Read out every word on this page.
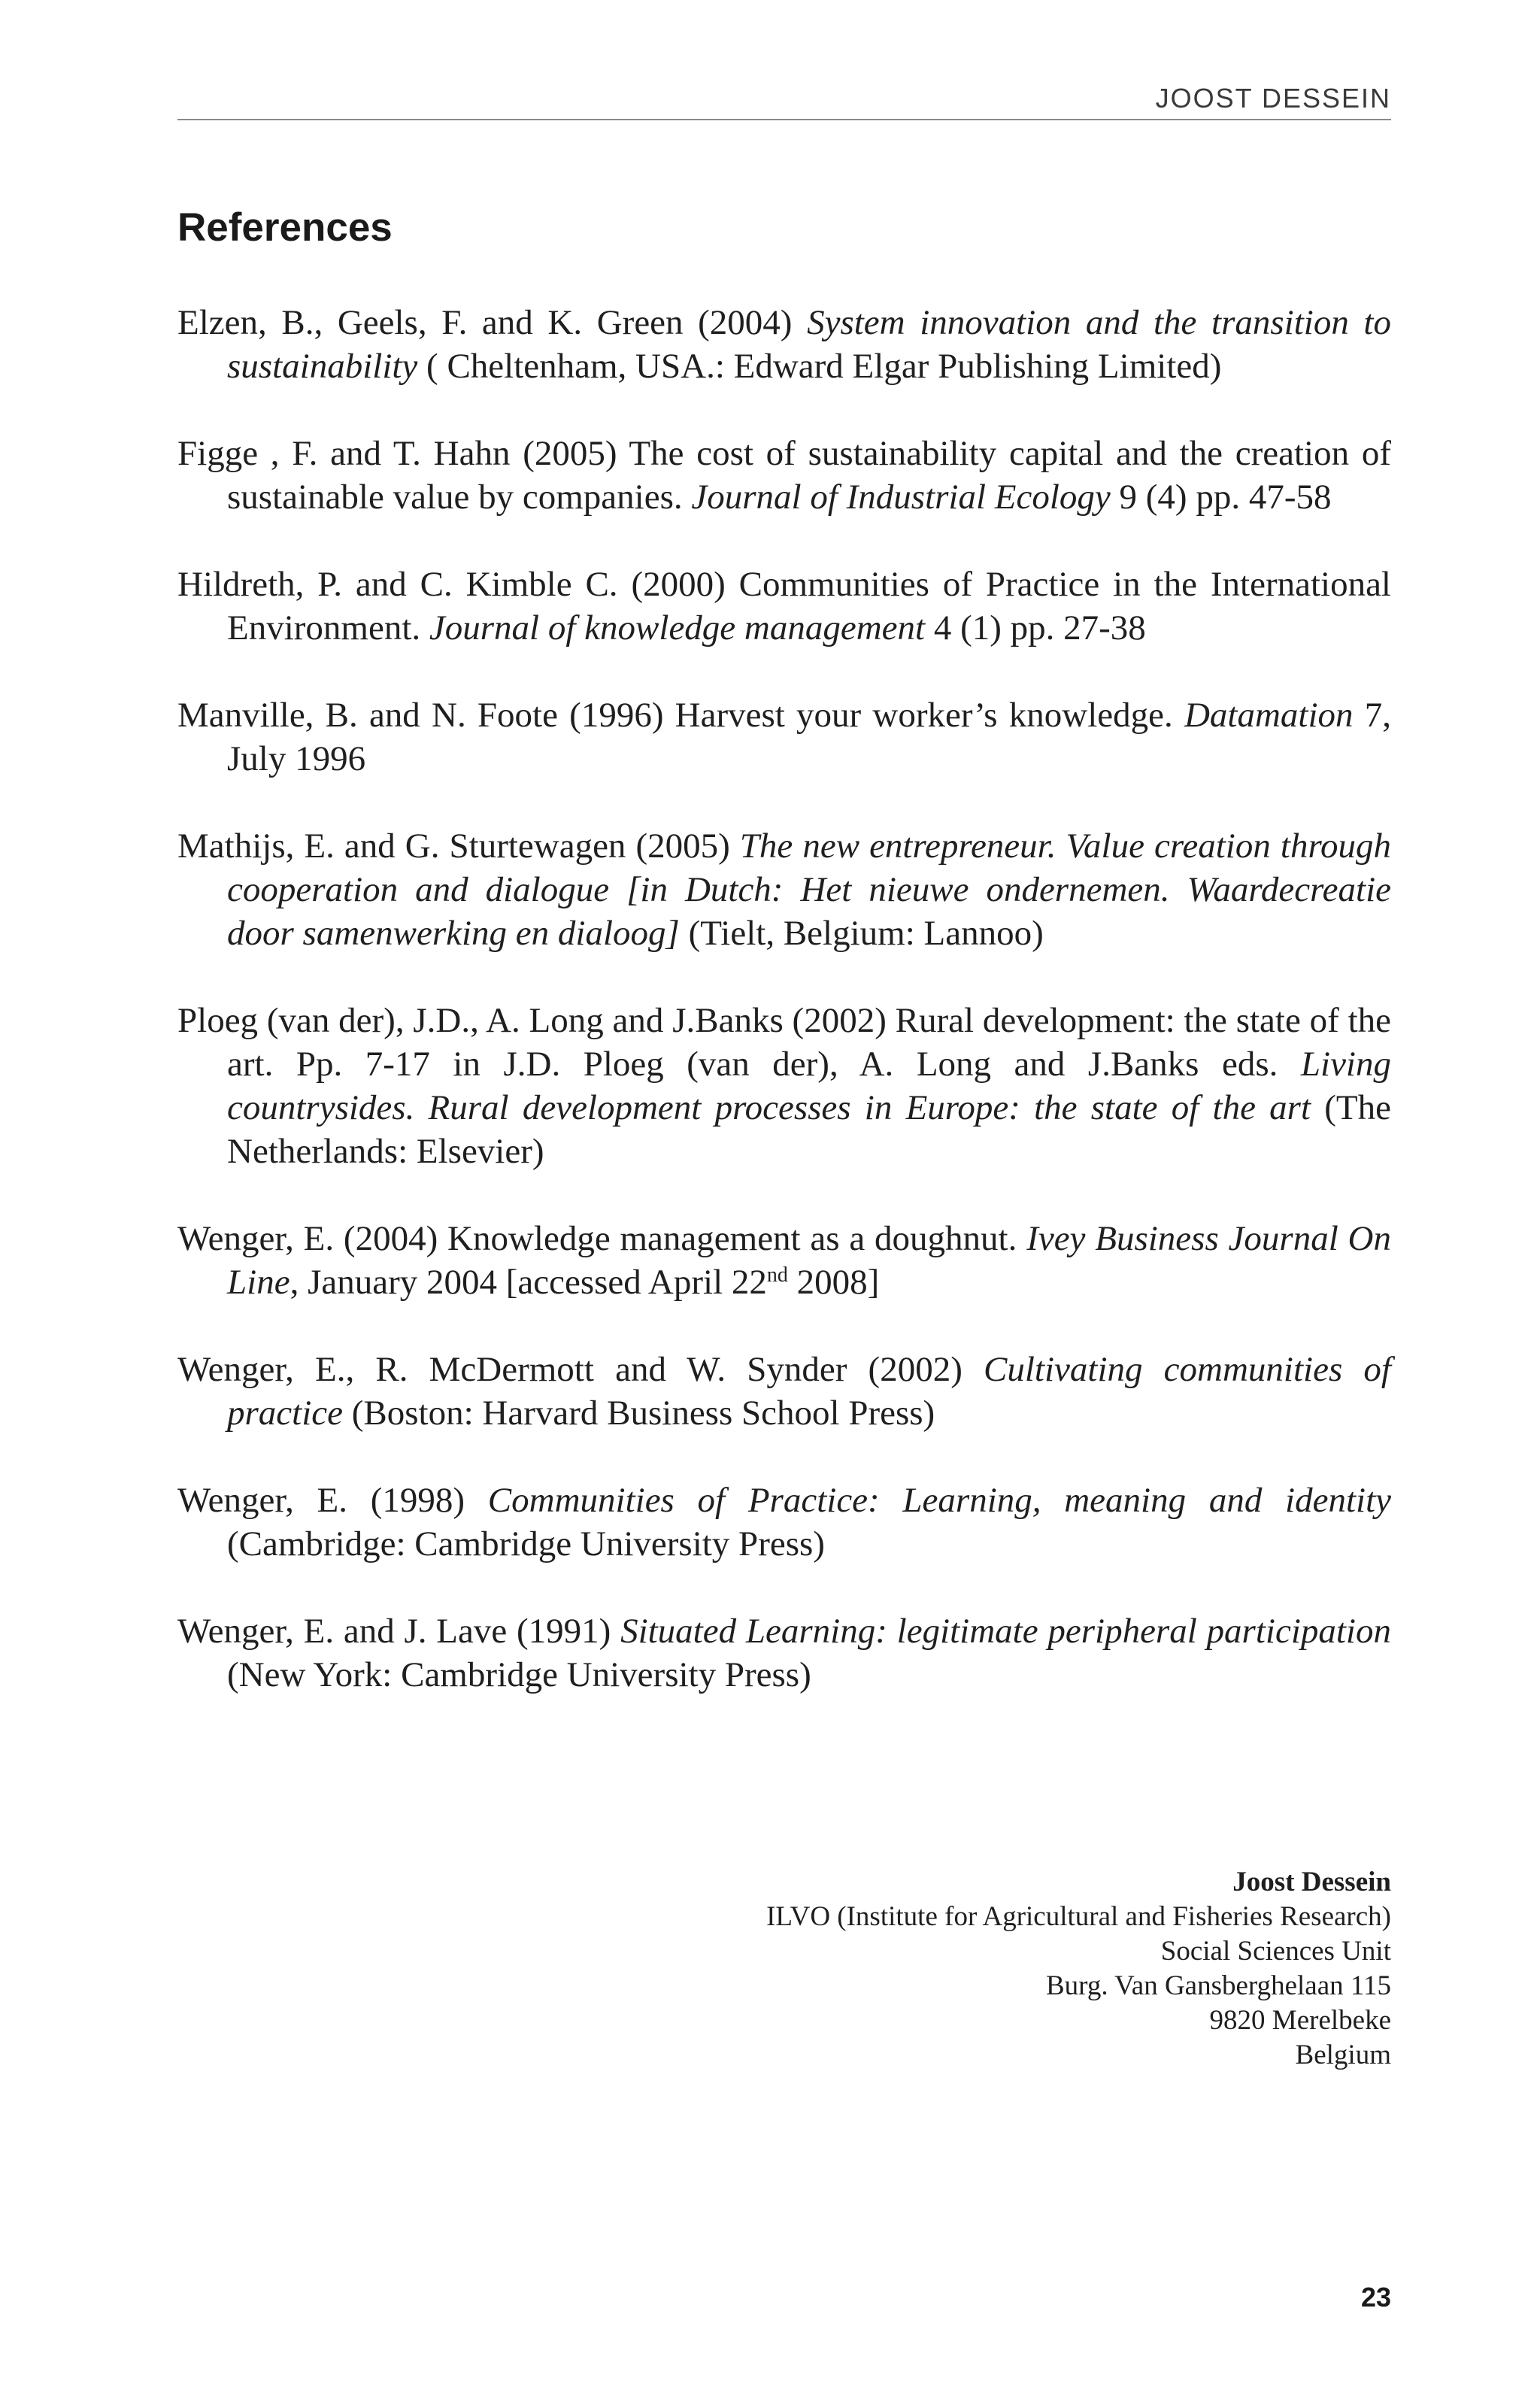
JOOST DESSEIN
References
Elzen, B., Geels, F. and K. Green (2004) System innovation and the transition to sustainability ( Cheltenham, USA.: Edward Elgar Publishing Limited)
Figge , F. and T. Hahn (2005) The cost of sustainability capital and the creation of sustainable value by companies. Journal of Industrial Ecology 9 (4) pp. 47-58
Hildreth, P. and C. Kimble C. (2000) Communities of Practice in the International Environment. Journal of knowledge management 4 (1) pp. 27-38
Manville, B. and N. Foote (1996) Harvest your worker’s knowledge. Datamation 7, July 1996
Mathijs, E. and G. Sturtewagen (2005) The new entrepreneur. Value creation through cooperation and dialogue [in Dutch: Het nieuwe ondernemen. Waardecreatie door samenwerking en dialoog] (Tielt, Belgium: Lannoo)
Ploeg (van der), J.D., A. Long and J.Banks (2002) Rural development: the state of the art. Pp. 7-17 in J.D. Ploeg (van der), A. Long and J.Banks eds. Living countrysides. Rural development processes in Europe: the state of the art (The Netherlands: Elsevier)
Wenger, E. (2004) Knowledge management as a doughnut. Ivey Business Journal On Line, January 2004 [accessed April 22nd 2008]
Wenger, E., R. McDermott and W. Synder (2002) Cultivating communities of practice (Boston: Harvard Business School Press)
Wenger, E. (1998) Communities of Practice: Learning, meaning and identity (Cambridge: Cambridge University Press)
Wenger, E. and J. Lave (1991) Situated Learning: legitimate peripheral participation (New York: Cambridge University Press)
Joost Dessein
ILVO (Institute for Agricultural and Fisheries Research)
Social Sciences Unit
Burg. Van Gansberghelaan 115
9820 Merelbeke
Belgium
23
